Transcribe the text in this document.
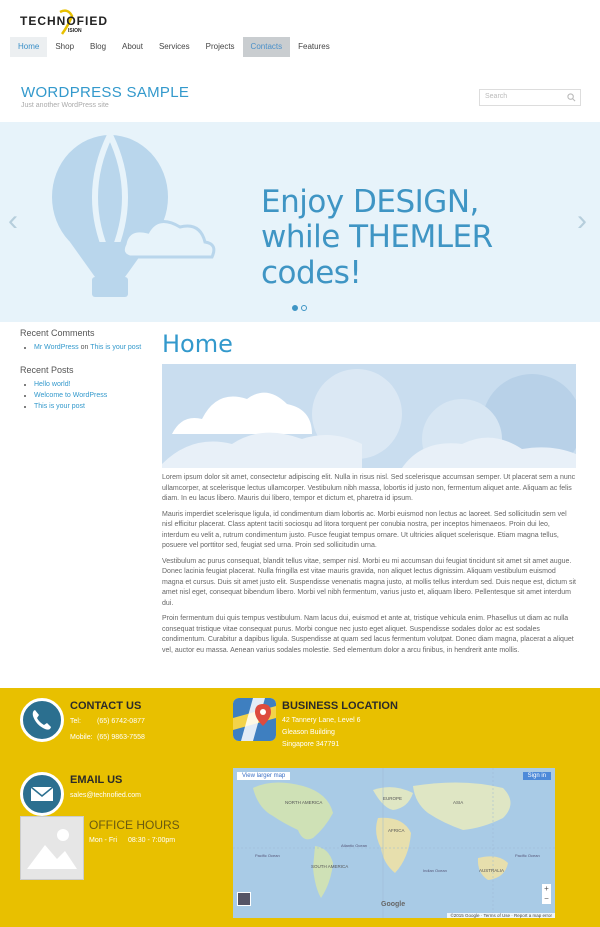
TECHNOFIED
ISION
Home	Shop	Blog	About	Services	Projects	Contacts	Features
WORDPRESS SAMPLE
Just another WordPress site
Search
‹	›
Enjoy DESIGN,
while THEMLER codes!
Recent Comments
• Mr WordPress on This is your post
Recent Posts
• Hello world!
• Welcome to WordPress
• This is your post
Home

Lorem ipsum dolor sit amet, consectetur adipiscing elit. Nulla in risus nisl. Sed scelerisque accumsan semper. Ut placerat sem a nunc ullamcorper, at scelerisque lectus ullamcorper. Vestibulum nibh massa, lobortis id justo non, fermentum aliquet ante. Aliquam ac felis diam. In eu lacus libero. Mauris dui libero, tempor et dictum et, pharetra id ipsum.

Mauris imperdiet scelerisque ligula, id condimentum diam lobortis ac. Morbi euismod non lectus ac laoreet. Sed sollicitudin sem vel nisl efficitur placerat. Class aptent taciti sociosqu ad litora torquent per conubia nostra, per inceptos himenaeos. Proin dui leo, interdum eu velit a, rutrum condimentum justo. Fusce feugiat tempus ornare. Ut ultricies aliquet scelerisque. Etiam magna tellus, posuere vel porttitor sed, feugiat sed urna. Proin sed sollicitudin urna.

Vestibulum ac purus consequat, blandit tellus vitae, semper nisl. Morbi eu mi accumsan dui feugiat tincidunt sit amet sit amet augue. Donec lacinia feugiat placerat. Nulla fringilla est vitae mauris gravida, non aliquet lectus dignissim. Aliquam vestibulum euismod magna et cursus. Duis sit amet justo elit. Suspendisse venenatis magna justo, at mollis tellus interdum sed. Duis neque est, dictum sit amet nisl eget, consequat bibendum libero. Morbi vel nibh fermentum, varius justo et, aliquam libero. Pellentesque sit amet interdum dui.

Proin fermentum dui quis tempus vestibulum. Nam lacus dui, euismod et ante at, tristique vehicula enim. Phasellus ut diam ac nulla consequat tristique vitae consequat purus. Morbi congue nec justo eget aliquet. Suspendisse sodales dolor ac est sodales condimentum. Curabitur a dapibus ligula. Suspendisse at quam sed lacus fermentum volutpat. Donec diam magna, placerat a aliquet vel, auctor eu massa. Aenean varius sodales molestie. Sed elementum dolor a arcu finibus, in hendrerit ante mollis.

CONTACT US
Tel: (65) 6742-0877
Mobile: (65) 9863-7558
EMAIL US
sales@technofied.com
OFFICE HOURS
Mon - Fri 08:30 - 7:00pm
BUSINESS LOCATION
42 Tannery Lane, Level 6
Gleason Building
Singapore 347791
View larger map	Sign in
NORTH AMERICA
EUROPE
ASIA
AFRICA
SOUTH AMERICA
AUSTRALIA
Pacific Ocean
Atlantic Ocean
Indian Ocean
Pacific Ocean
+
−
Google
©2015 Google · Terms of Use · Report a map error
